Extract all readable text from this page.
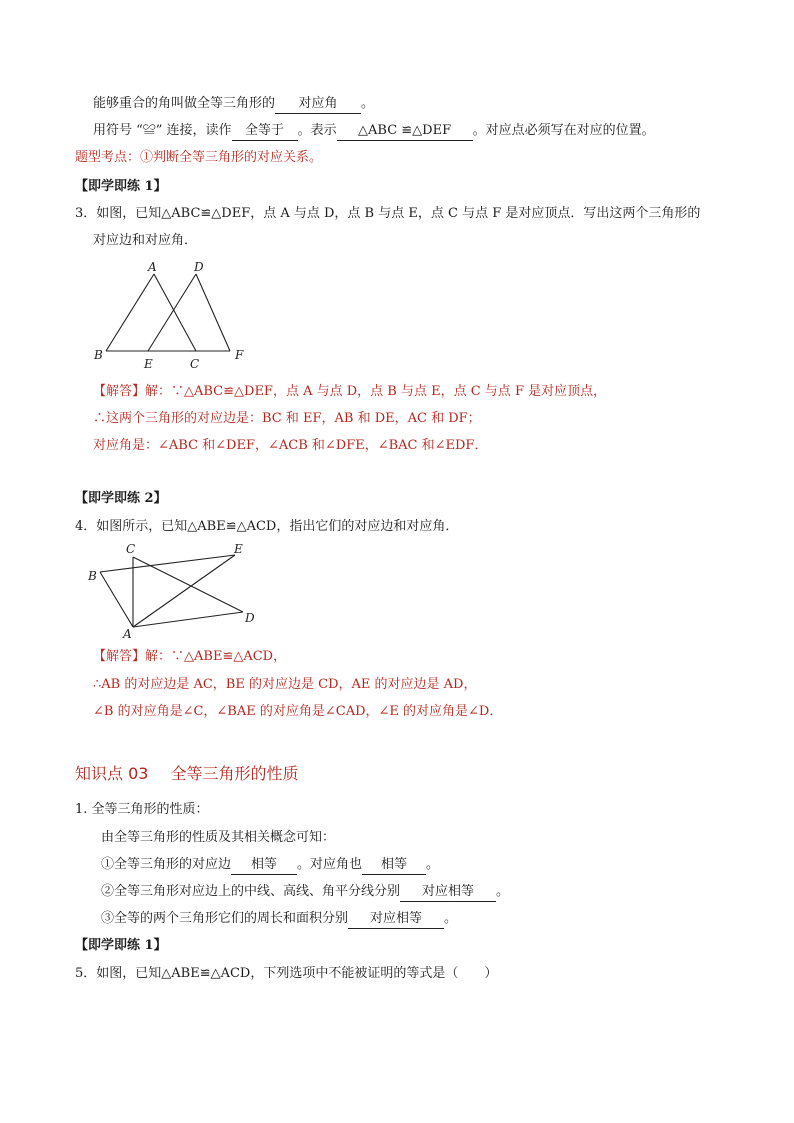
能够重合的角叫做全等三角形的 对应角 。
用符号 “≌” 连接，读作 全等于 。表示 △ABC ≌△DEF 。对应点必须写在对应的位置。
题型考点：①判断全等三角形的对应关系。
【即学即练 1】
3．如图，已知△ABC≌△DEF，点 A 与点 D，点 B 与点 E，点 C 与点 F 是对应顶点．写出这两个三角形的
对应边和对应角．
A	D
B
E	C
F
【解答】解：∵△ABC≌△DEF，点 A 与点 D，点 B 与点 E，点 C 与点 F 是对应顶点，
∴这两个三角形的对应边是：BC 和 EF，AB 和 DE，AC 和 DF；
对应角是：∠ABC 和∠DEF，∠ACB 和∠DFE，∠BAC 和∠EDF．
【即学即练 2】
4．如图所示，已知△ABE≌△ACD，指出它们的对应边和对应角．
C	E
B
D
A
【解答】解：∵△ABE≌△ACD，
∴AB 的对应边是 AC，BE 的对应边是 CD，AE 的对应边是 AD，
∠B 的对应角是∠C，∠BAE 的对应角是∠CAD，∠E 的对应角是∠D．
知识点 03 全等三角形的性质
1. 全等三角形的性质：
由全等三角形的性质及其相关概念可知：
①全等三角形的对应边 相等 。对应角也 相等 。
②全等三角形对应边上的中线、高线、角平分线分别 对应相等 。
③全等的两个三角形它们的周长和面积分别 对应相等 。
【即学即练 1】
5．如图，已知△ABE≌△ACD，下列选项中不能被证明的等式是（　　）
